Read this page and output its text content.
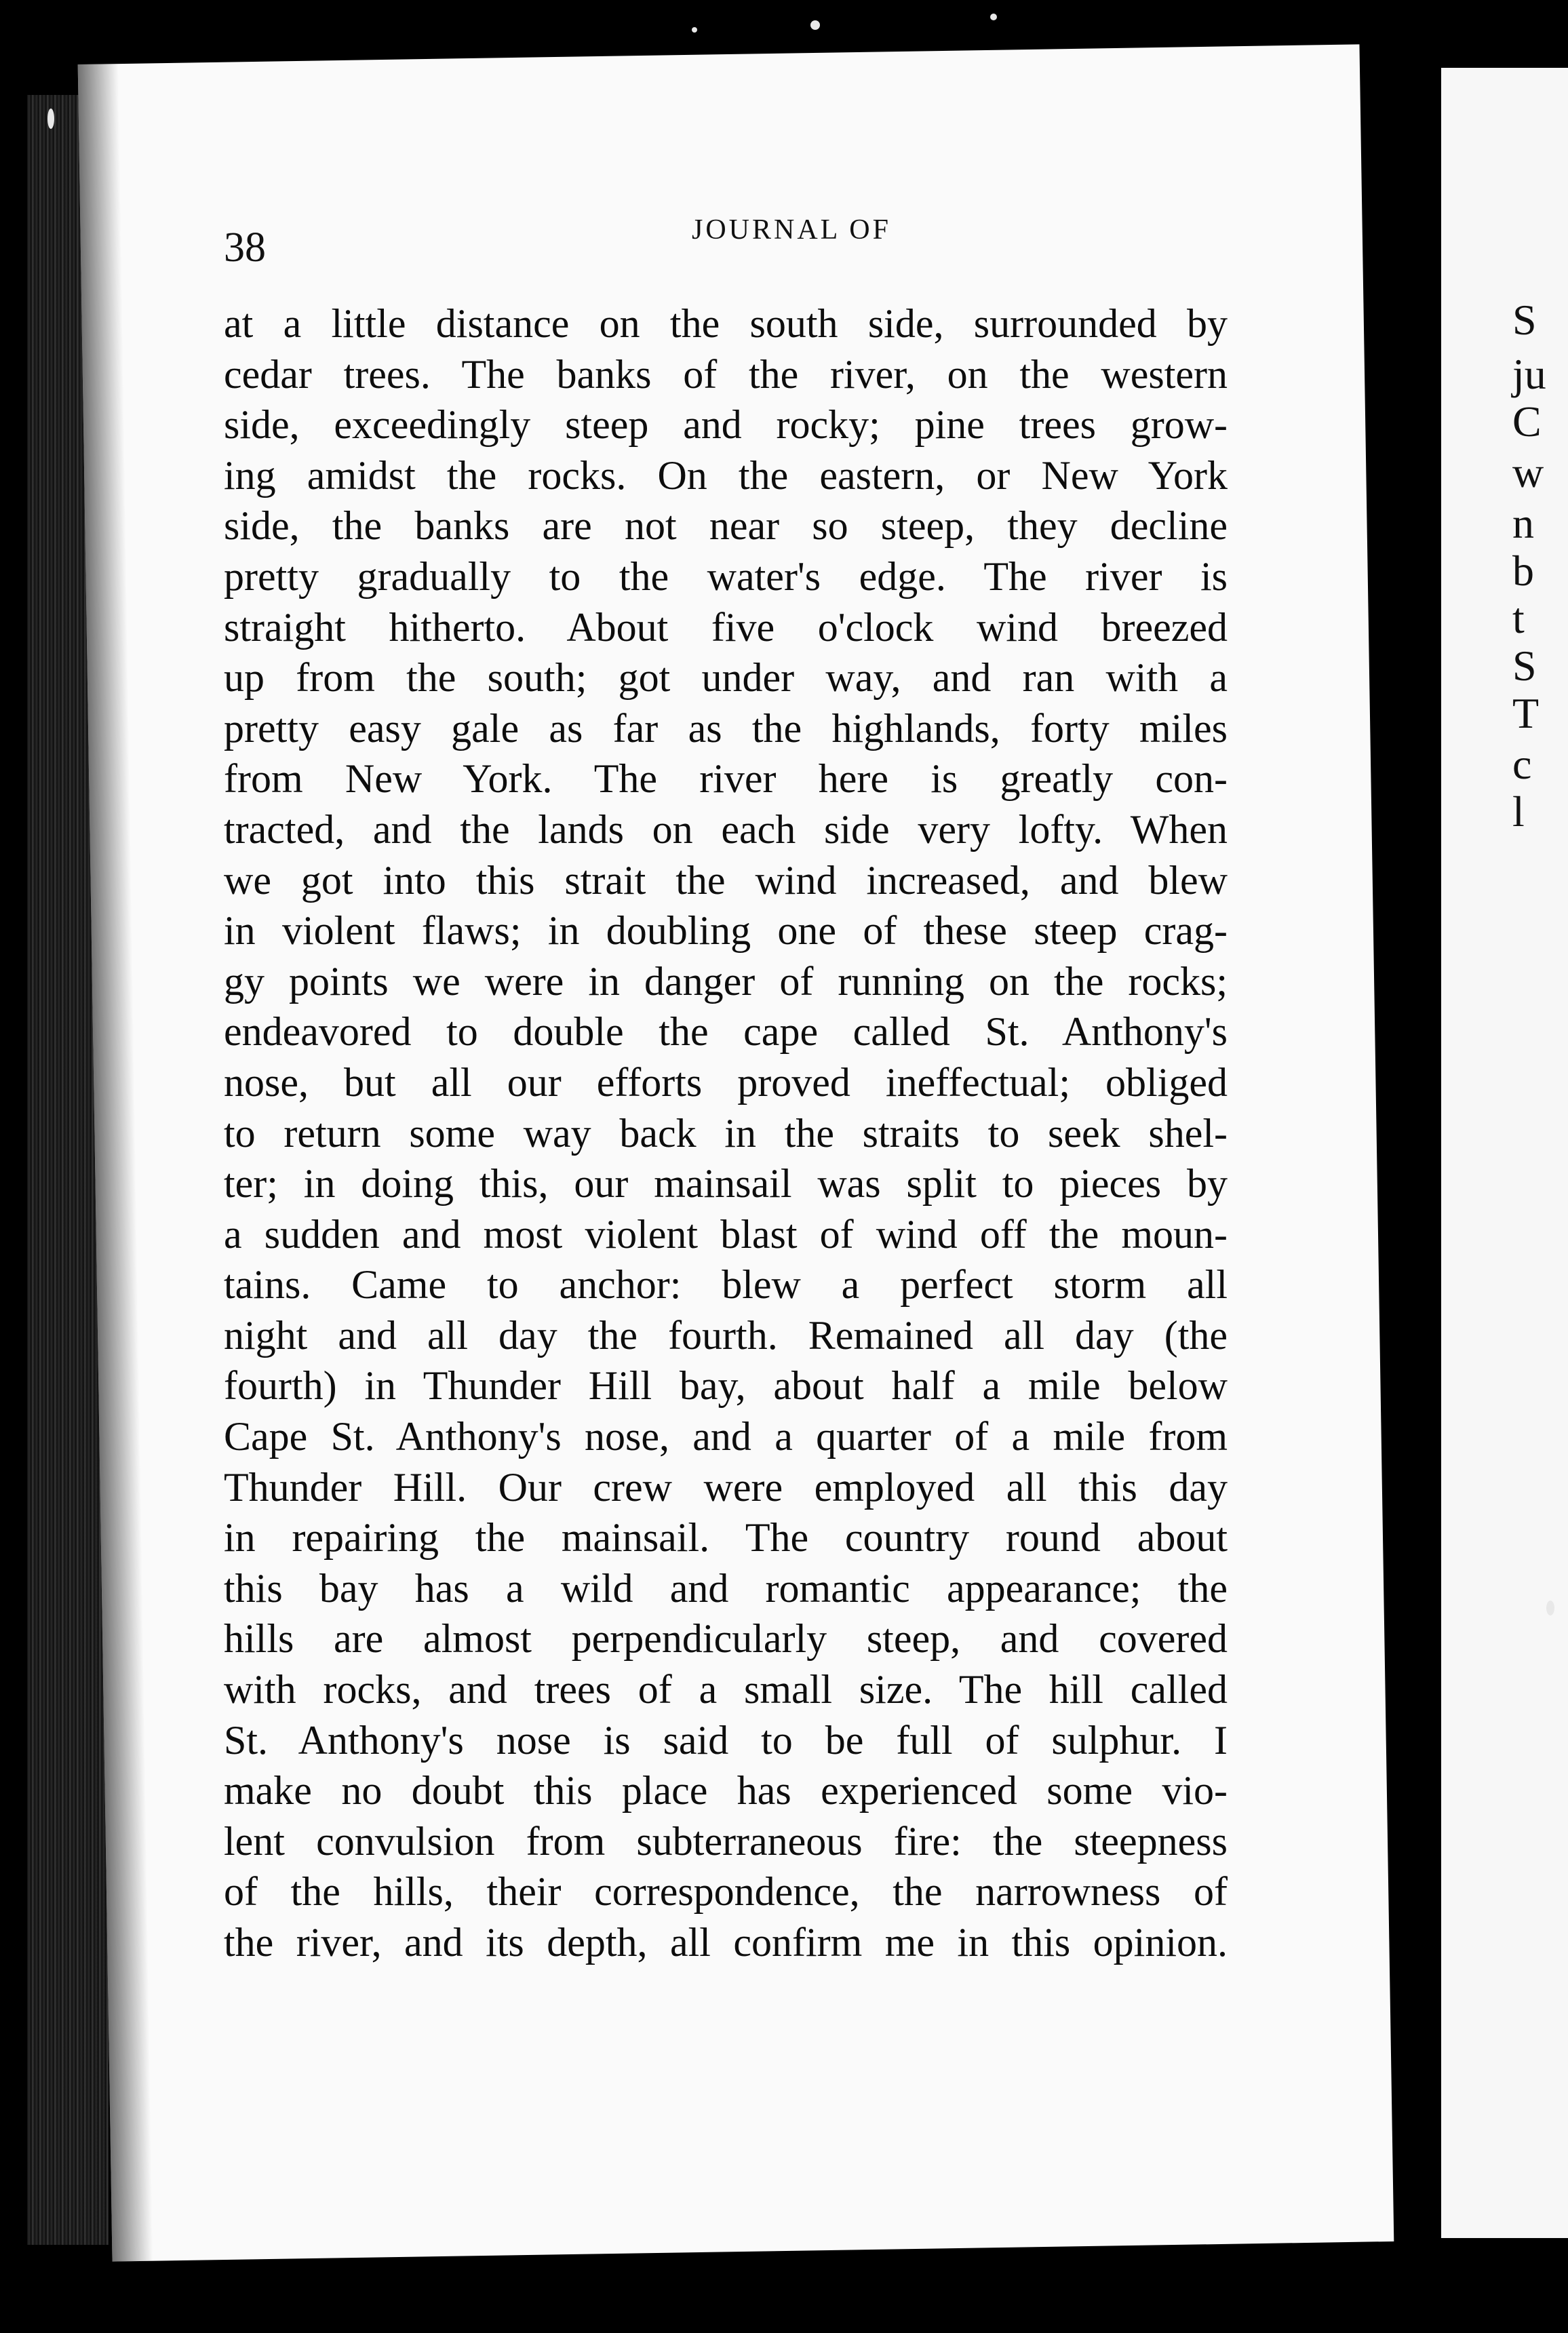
S
ju
C
w
n
b
t
S
T
c
l
38	JOURNAL OF
at a little distance on the south side, surrounded by
cedar trees. The banks of the river, on the western
side, exceedingly steep and rocky; pine trees grow-
ing amidst the rocks. On the eastern, or New York
side, the banks are not near so steep, they decline
pretty gradually to the water's edge. The river is
straight hitherto. About five o'clock wind breezed
up from the south; got under way, and ran with a
pretty easy gale as far as the highlands, forty miles
from New York. The river here is greatly con-
tracted, and the lands on each side very lofty. When
we got into this strait the wind increased, and blew
in violent flaws; in doubling one of these steep crag-
gy points we were in danger of running on the rocks;
endeavored to double the cape called St. Anthony's
nose, but all our efforts proved ineffectual; obliged
to return some way back in the straits to seek shel-
ter; in doing this, our mainsail was split to pieces by
a sudden and most violent blast of wind off the moun-
tains. Came to anchor: blew a perfect storm all
night and all day the fourth. Remained all day (the
fourth) in Thunder Hill bay, about half a mile below
Cape St. Anthony's nose, and a quarter of a mile from
Thunder Hill. Our crew were employed all this day
in repairing the mainsail. The country round about
this bay has a wild and romantic appearance; the
hills are almost perpendicularly steep, and covered
with rocks, and trees of a small size. The hill called
St. Anthony's nose is said to be full of sulphur. I
make no doubt this place has experienced some vio-
lent convulsion from subterraneous fire: the steepness
of the hills, their correspondence, the narrowness of
the river, and its depth, all confirm me in this opinion.
